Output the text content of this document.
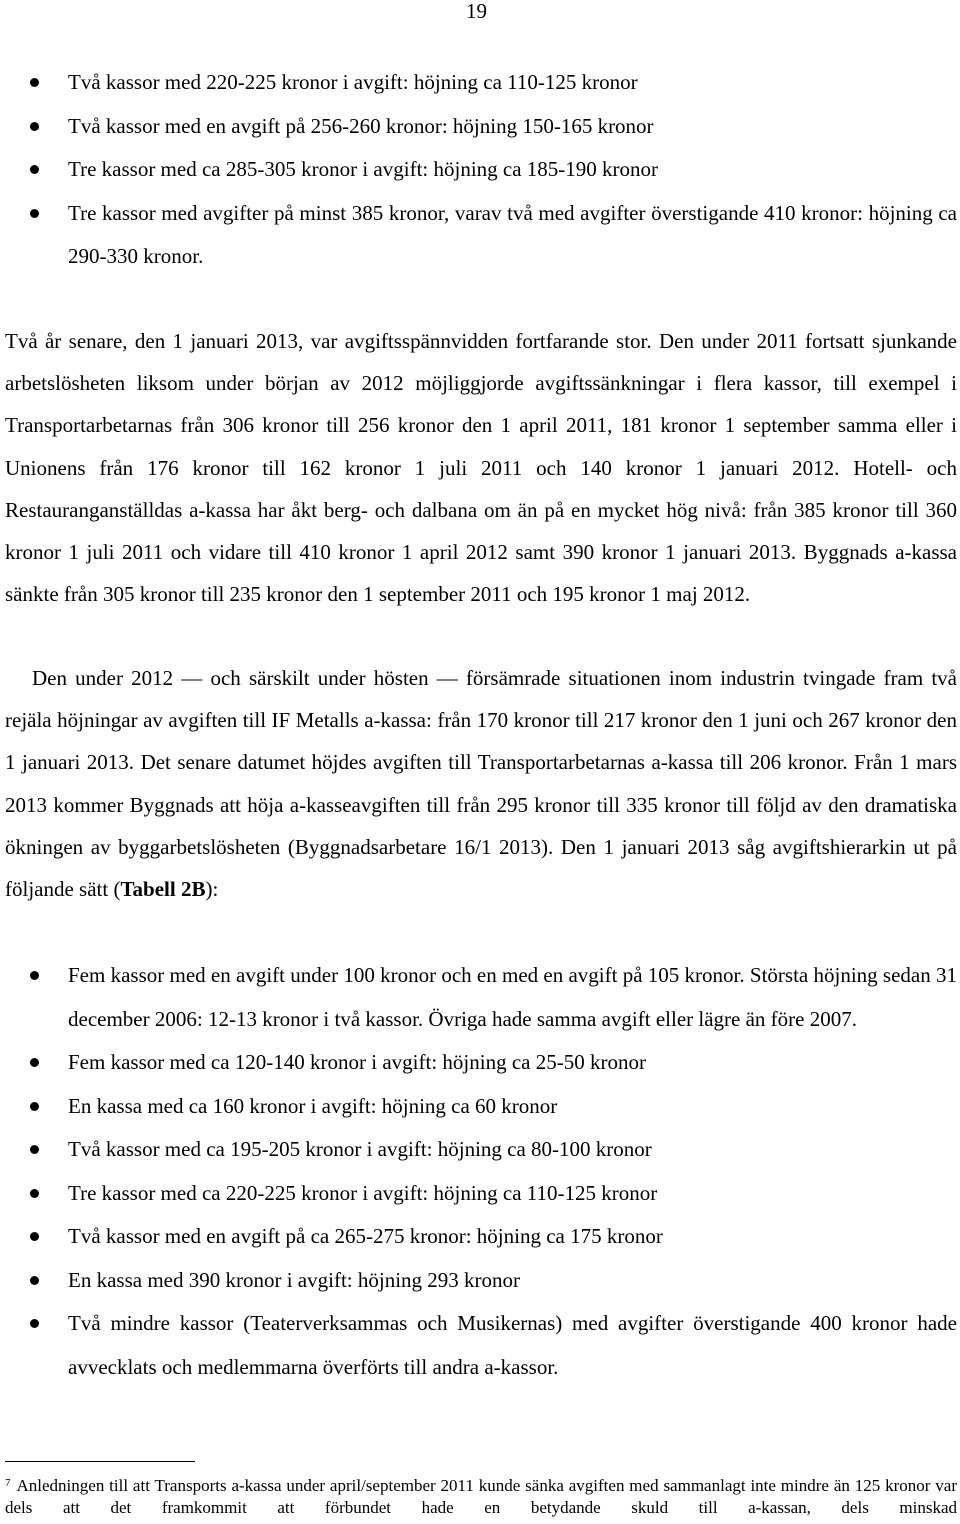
19
Två kassor med 220-225 kronor i avgift: höjning ca 110-125 kronor
Två kassor med en avgift på 256-260 kronor: höjning 150-165 kronor
Tre kassor med ca 285-305 kronor i avgift: höjning ca 185-190 kronor
Tre kassor med avgifter på minst 385 kronor, varav två med avgifter överstigande 410 kronor: höjning ca 290-330 kronor.

Två år senare, den 1 januari 2013, var avgiftsspännvidden fortfarande stor. Den under 2011 fortsatt sjunkande arbetslösheten liksom under början av 2012 möjliggjorde avgiftssänkningar i flera kassor, till exempel i Transportarbetarnas från 306 kronor till 256 kronor den 1 april 2011, 181 kronor 1 september samma eller i Unionens från 176 kronor till 162 kronor 1 juli 2011 och 140 kronor 1 januari 2012. Hotell- och Restauranganställdas a-kassa har åkt berg- och dalbana om än på en mycket hög nivå: från 385 kronor till 360 kronor 1 juli 2011 och vidare till 410 kronor 1 april 2012 samt 390 kronor 1 januari 2013. Byggnads a-kassa sänkte från 305 kronor till 235 kronor den 1 september 2011 och 195 kronor 1 maj 2012.

Den under 2012 — och särskilt under hösten — försämrade situationen inom industrin tvingade fram två rejäla höjningar av avgiften till IF Metalls a-kassa: från 170 kronor till 217 kronor den 1 juni och 267 kronor den 1 januari 2013. Det senare datumet höjdes avgiften till Transportarbetarnas a-kassa till 206 kronor. Från 1 mars 2013 kommer Byggnads att höja a-kasseavgiften till från 295 kronor till 335 kronor till följd av den dramatiska ökningen av byggarbetslösheten (Byggnadsarbetare 16/1 2013). Den 1 januari 2013 såg avgiftshierarkin ut på följande sätt (Tabell 2B):

Fem kassor med en avgift under 100 kronor och en med en avgift på 105 kronor. Största höjning sedan 31 december 2006: 12-13 kronor i två kassor. Övriga hade samma avgift eller lägre än före 2007.
Fem kassor med ca 120-140 kronor i avgift: höjning ca 25-50 kronor
En kassa med ca 160 kronor i avgift: höjning ca 60 kronor
Två kassor med ca 195-205 kronor i avgift: höjning ca 80-100 kronor
Tre kassor med ca 220-225 kronor i avgift: höjning ca 110-125 kronor
Två kassor med en avgift på ca 265-275 kronor: höjning ca 175 kronor
En kassa med 390 kronor i avgift: höjning 293 kronor
Två mindre kassor (Teaterverksammas och Musikernas) med avgifter överstigande 400 kronor hade avvecklats och medlemmarna överförts till andra a-kassor.

$^7$ Anledningen till att Transports a-kassa under april/september 2011 kunde sänka avgiften med sammanlagt inte mindre än 125 kronor var dels att det framkommit att förbundet hade en betydande skuld till a-kassan, dels minskad
